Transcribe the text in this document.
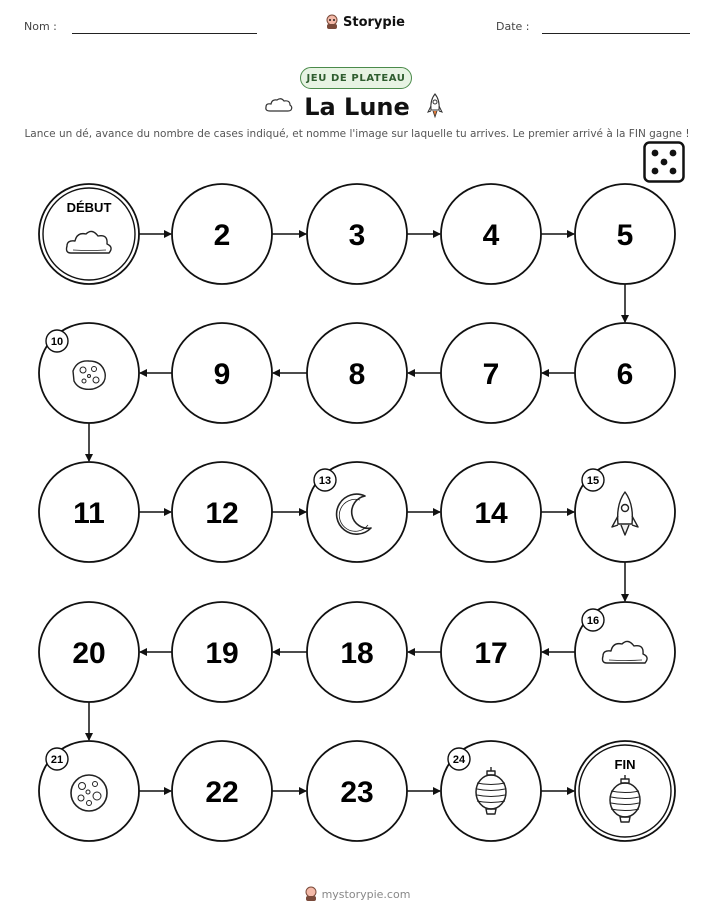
Nom :	Storypie	Date :
JEU DE PLATEAU
La Lune
Lance un dé, avance du nombre de cases indiqué, et nomme l'image sur laquelle tu arrives. Le premier arrivé à la FIN gagne !
DÉBUT
2	3	4	5
6
7
8
9
10
11	12
13
14
15
16
17
18
19
20
21
22	23
24	FIN
mystorypie.com
